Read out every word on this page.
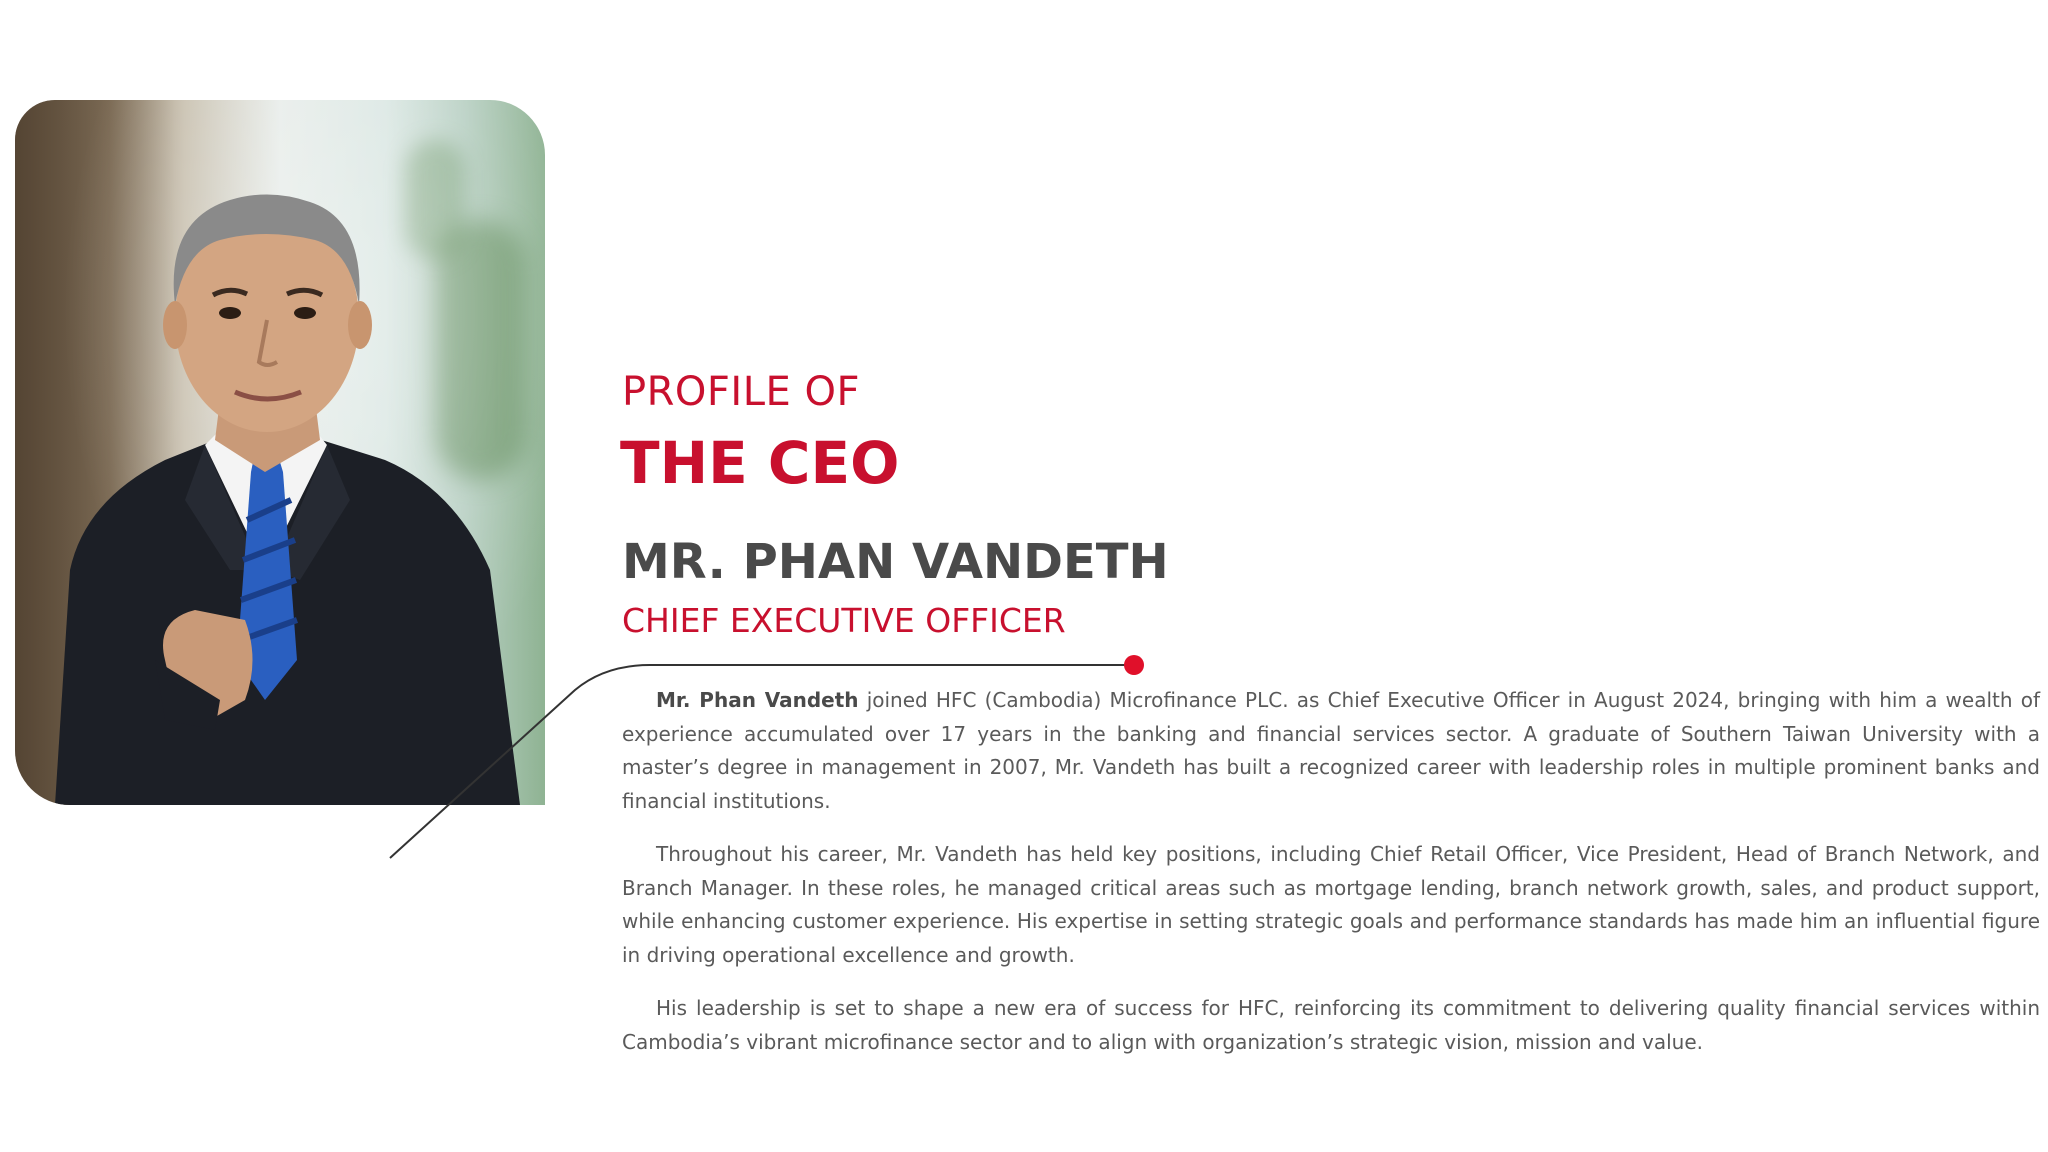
PROFILE OF
THE CEO
MR. PHAN VANDETH
CHIEF EXECUTIVE OFFICER

Mr. Phan Vandeth joined HFC (Cambodia) Microfinance PLC. as Chief Executive Officer in August 2024, bringing with him a wealth of experience accumulated over 17 years in the banking and financial services sector. A graduate of Southern Taiwan University with a master’s degree in management in 2007, Mr. Vandeth has built a recognized career with leadership roles in multiple prominent banks and financial institutions.

Throughout his career, Mr. Vandeth has held key positions, including Chief Retail Officer, Vice President, Head of Branch Network, and Branch Manager. In these roles, he managed critical areas such as mortgage lending, branch network growth, sales, and product support, while enhancing customer experience. His expertise in setting strategic goals and performance standards has made him an influential figure in driving operational excellence and growth.

His leadership is set to shape a new era of success for HFC, reinforcing its commitment to delivering quality financial services within Cambodia’s vibrant microfinance sector and to align with organization’s strategic vision, mission and value.
